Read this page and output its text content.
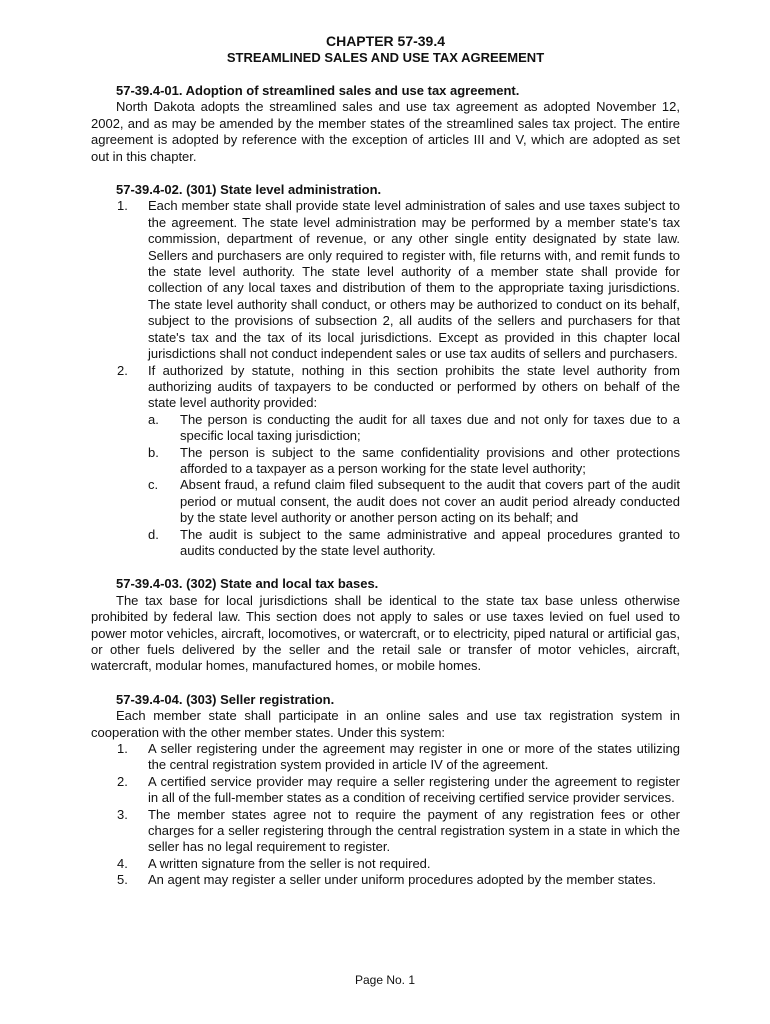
CHAPTER 57-39.4
STREAMLINED SALES AND USE TAX AGREEMENT
57-39.4-01. Adoption of streamlined sales and use tax agreement.
North Dakota adopts the streamlined sales and use tax agreement as adopted November 12, 2002, and as may be amended by the member states of the streamlined sales tax project. The entire agreement is adopted by reference with the exception of articles III and V, which are adopted as set out in this chapter.
57-39.4-02. (301) State level administration.
1. Each member state shall provide state level administration of sales and use taxes subject to the agreement. The state level administration may be performed by a member state's tax commission, department of revenue, or any other single entity designated by state law. Sellers and purchasers are only required to register with, file returns with, and remit funds to the state level authority. The state level authority of a member state shall provide for collection of any local taxes and distribution of them to the appropriate taxing jurisdictions. The state level authority shall conduct, or others may be authorized to conduct on its behalf, subject to the provisions of subsection 2, all audits of the sellers and purchasers for that state's tax and the tax of its local jurisdictions. Except as provided in this chapter local jurisdictions shall not conduct independent sales or use tax audits of sellers and purchasers.
2. If authorized by statute, nothing in this section prohibits the state level authority from authorizing audits of taxpayers to be conducted or performed by others on behalf of the state level authority provided:
a. The person is conducting the audit for all taxes due and not only for taxes due to a specific local taxing jurisdiction;
b. The person is subject to the same confidentiality provisions and other protections afforded to a taxpayer as a person working for the state level authority;
c. Absent fraud, a refund claim filed subsequent to the audit that covers part of the audit period or mutual consent, the audit does not cover an audit period already conducted by the state level authority or another person acting on its behalf; and
d. The audit is subject to the same administrative and appeal procedures granted to audits conducted by the state level authority.
57-39.4-03. (302) State and local tax bases.
The tax base for local jurisdictions shall be identical to the state tax base unless otherwise prohibited by federal law. This section does not apply to sales or use taxes levied on fuel used to power motor vehicles, aircraft, locomotives, or watercraft, or to electricity, piped natural or artificial gas, or other fuels delivered by the seller and the retail sale or transfer of motor vehicles, aircraft, watercraft, modular homes, manufactured homes, or mobile homes.
57-39.4-04. (303) Seller registration.
Each member state shall participate in an online sales and use tax registration system in cooperation with the other member states. Under this system:
1. A seller registering under the agreement may register in one or more of the states utilizing the central registration system provided in article IV of the agreement.
2. A certified service provider may require a seller registering under the agreement to register in all of the full-member states as a condition of receiving certified service provider services.
3. The member states agree not to require the payment of any registration fees or other charges for a seller registering through the central registration system in a state in which the seller has no legal requirement to register.
4. A written signature from the seller is not required.
5. An agent may register a seller under uniform procedures adopted by the member states.
Page No. 1
